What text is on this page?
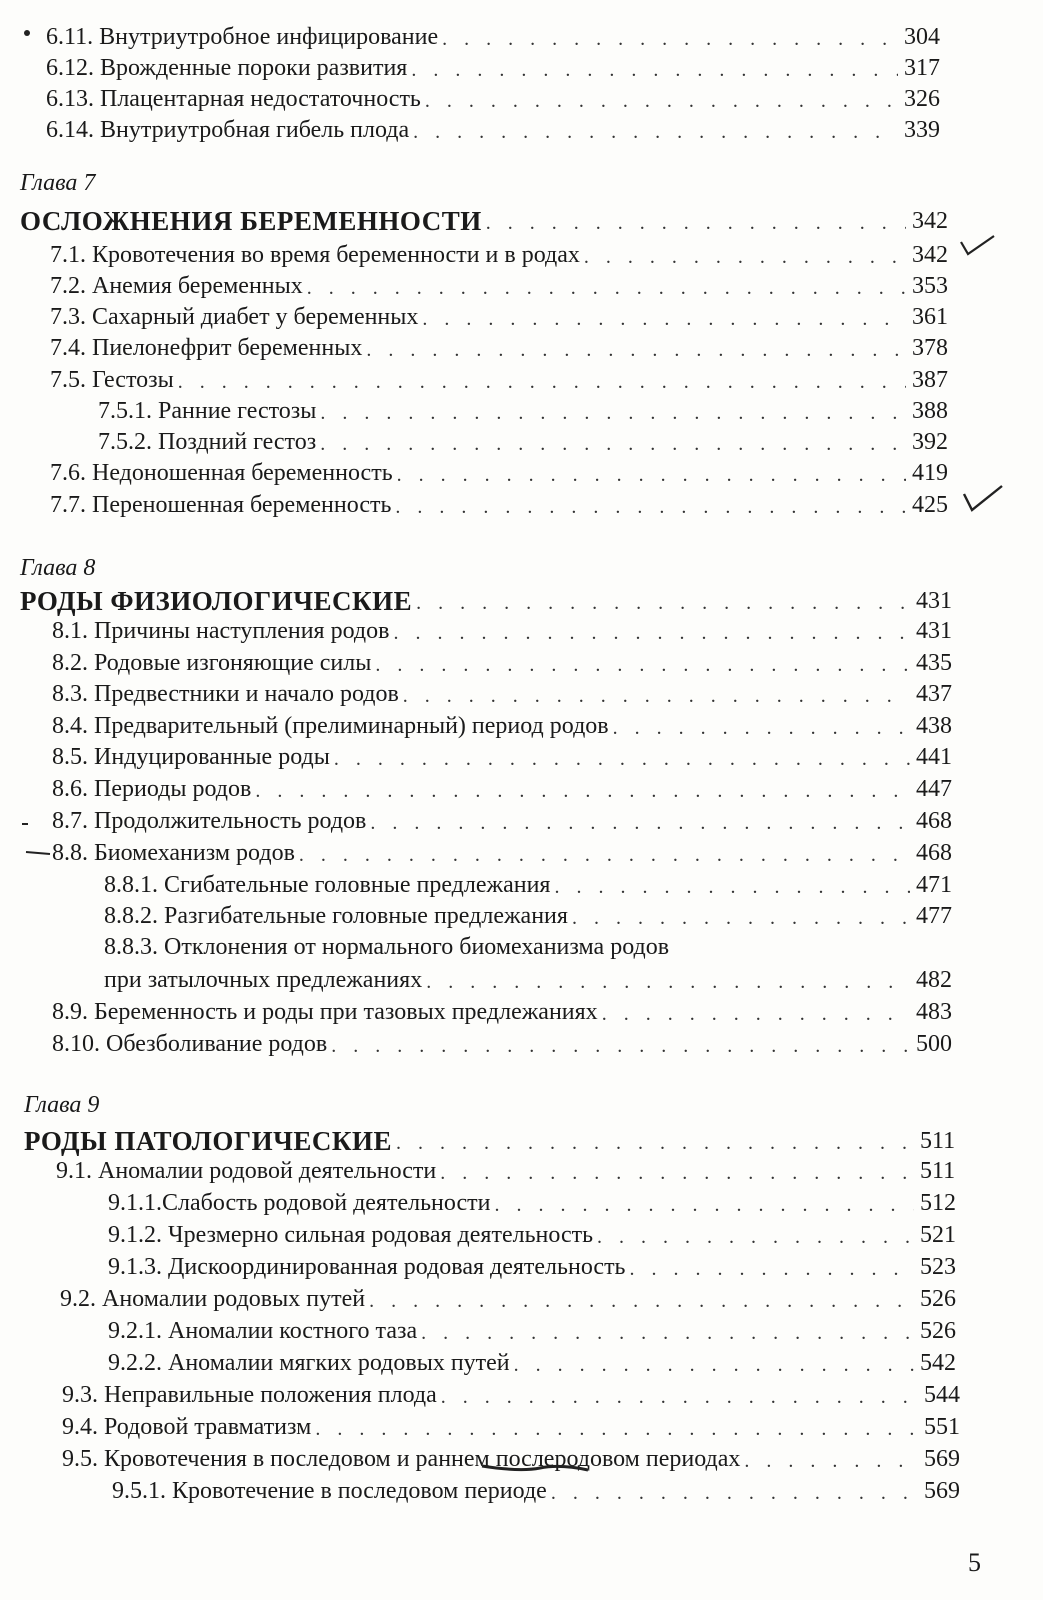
6.11. Внутриутробное инфицирование . . .	304
6.12. Врожденные пороки развития . . .	317
6.13. Плацентарная недостаточность . . .	326
6.14. Внутриутробная гибель плода . . .	339
Глава 7
ОСЛОЖНЕНИЯ БЕРЕМЕННОСТИ . . .	342
7.1. Кровотечения во время беременности и в родах . . .	342
7.2. Анемия беременных . . .	353
7.3. Сахарный диабет у беременных . . .	361
7.4. Пиелонефрит беременных . . .	378
7.5. Гестозы . . .	387
7.5.1. Ранние гестозы . . .	388
7.5.2. Поздний гестоз . . .	392
7.6. Недоношенная беременность . . .	419
7.7. Переношенная беременность . . .	425
Глава 8
РОДЫ ФИЗИОЛОГИЧЕСКИЕ . . .	431
8.1. Причины наступления родов . . .	431
8.2. Родовые изгоняющие силы . . .	435
8.3. Предвестники и начало родов . . .	437
8.4. Предварительный (прелиминарный) период родов . . .	438
8.5. Индуцированные роды . . .	441
8.6. Периоды родов . . .	447
8.7. Продолжительность родов . . .	468
8.8. Биомеханизм родов . . .	468
8.8.1. Сгибательные головные предлежания . . .	471
8.8.2. Разгибательные головные предлежания . . .	477
8.8.3. Отклонения от нормального биомеханизма родов
при затылочных предлежаниях . . .	482
8.9. Беременность и роды при тазовых предлежаниях . . .	483
8.10. Обезболивание родов . . .	500
Глава 9
РОДЫ ПАТОЛОГИЧЕСКИЕ . . .	511
9.1. Аномалии родовой деятельности . . .	511
9.1.1.Слабость родовой деятельности . . .	512
9.1.2. Чрезмерно сильная родовая деятельность . . .	521
9.1.3. Дискоординированная родовая деятельность . . .	523
9.2. Аномалии родовых путей . . .	526
9.2.1. Аномалии костного таза . . .	526
9.2.2. Аномалии мягких родовых путей . . .	542
9.3. Неправильные положения плода . . .	544
9.4. Родовой травматизм . . .	551
9.5. Кровотечения в последовом и раннем послеродовом периодах . . .	569
9.5.1. Кровотечение в последовом периоде . . .	569
5
